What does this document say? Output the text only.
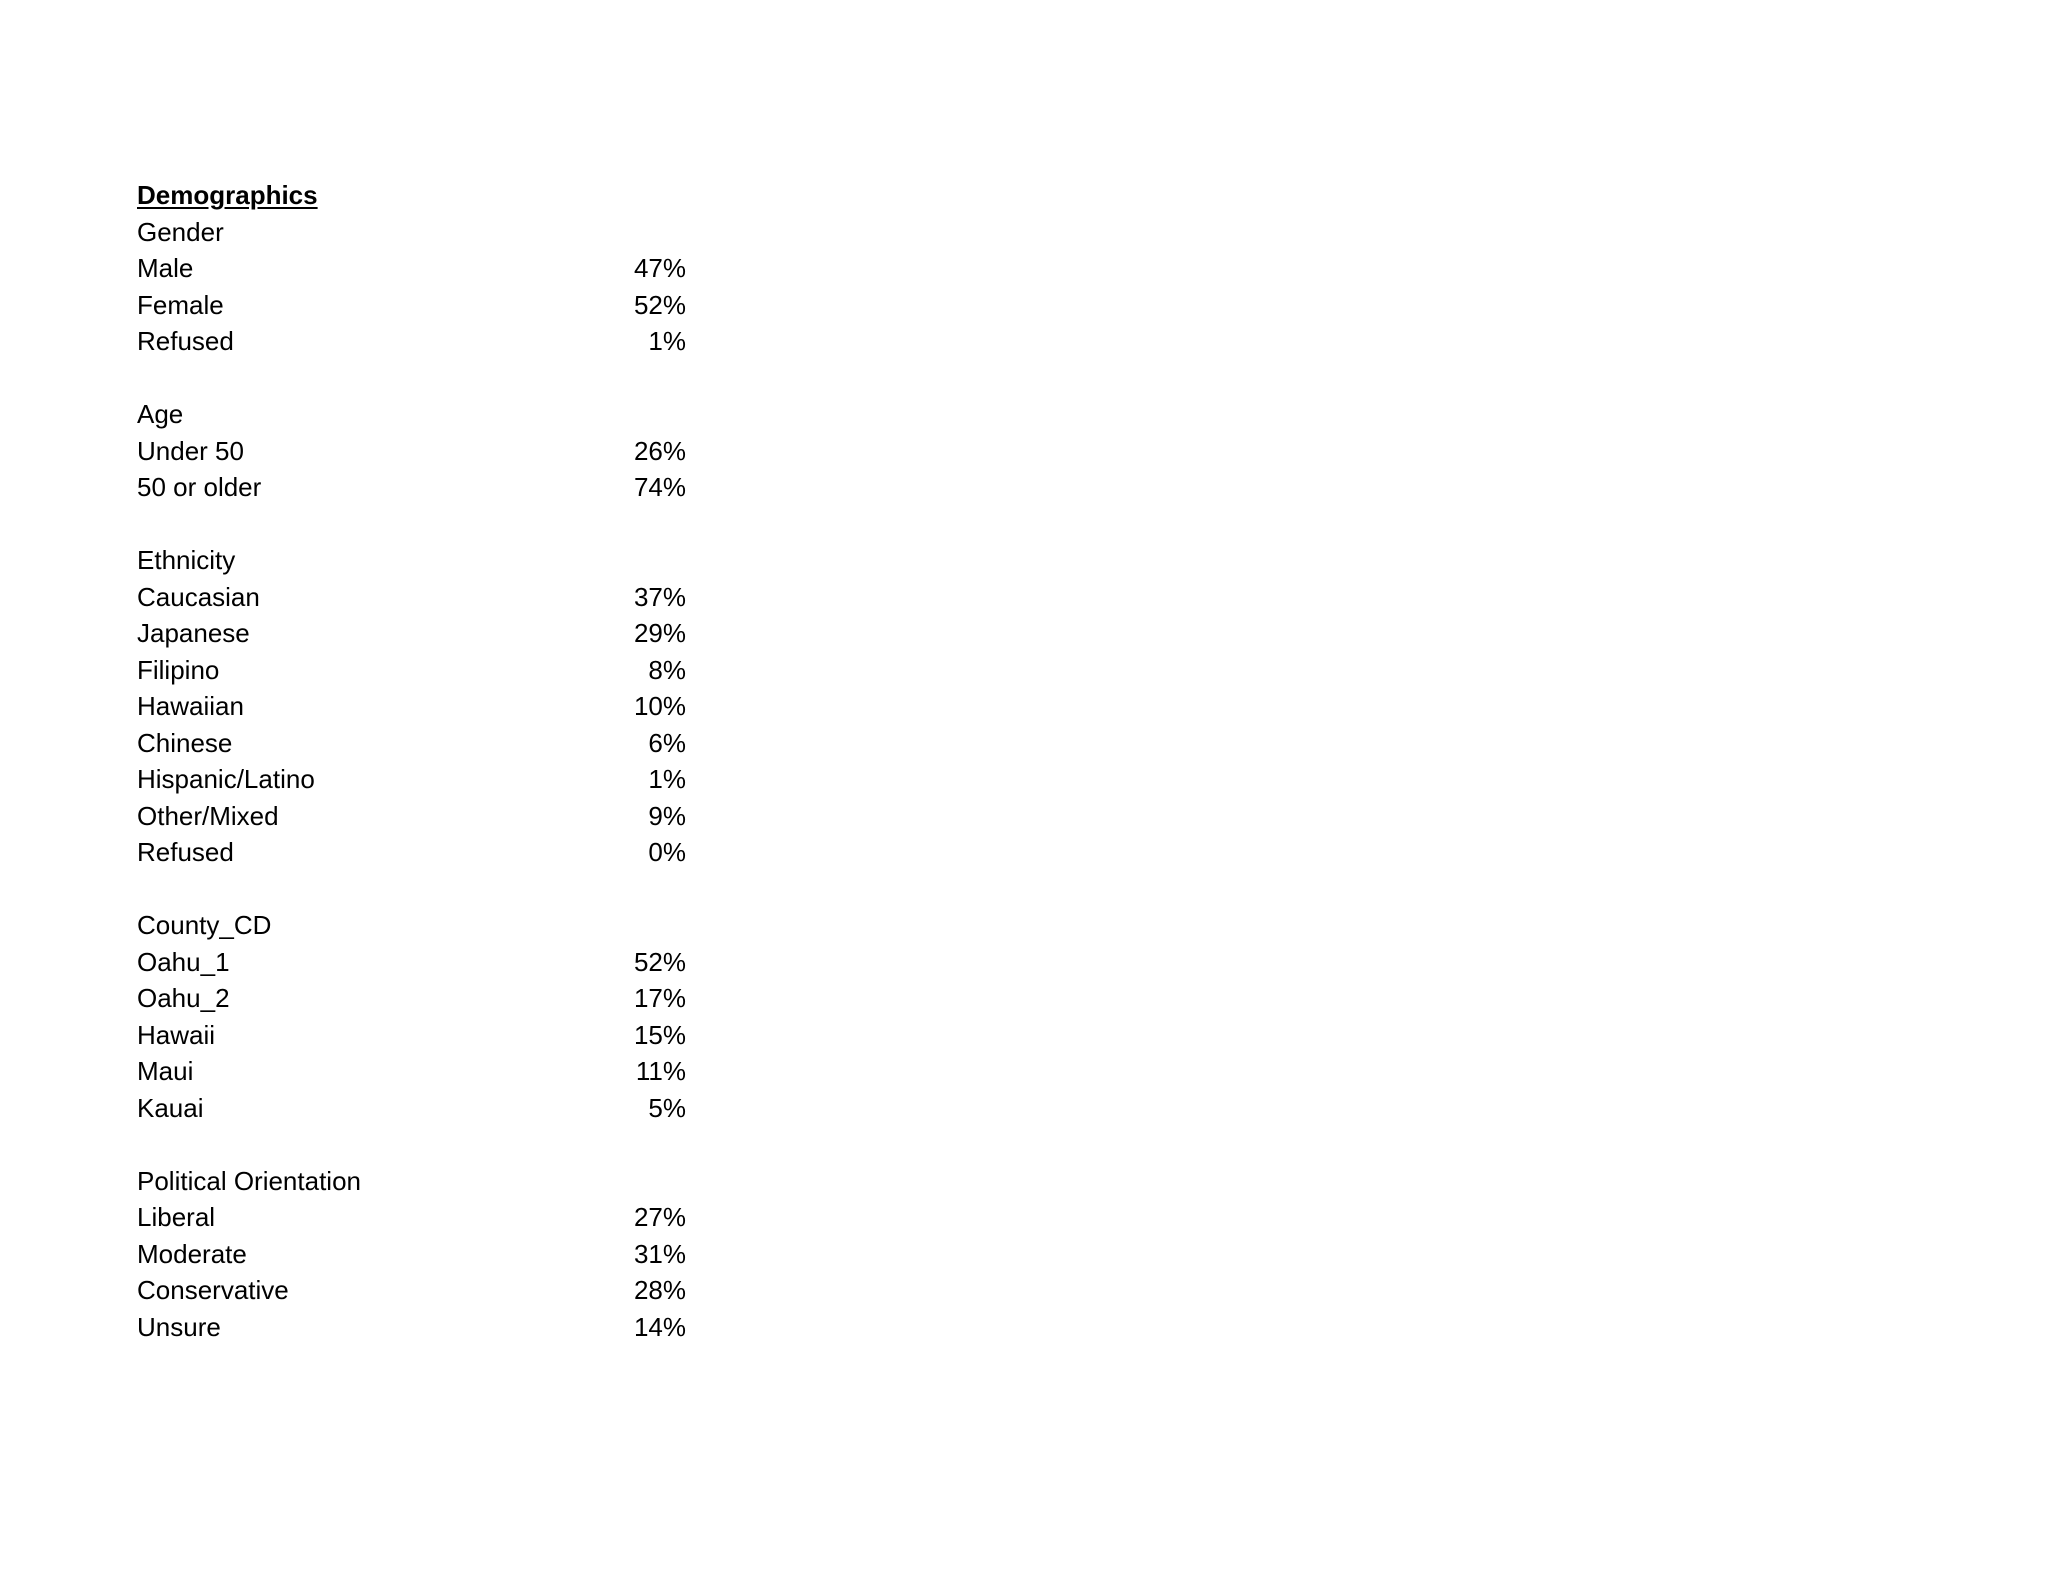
Demographics
Gender
Male	47%
Female	52%
Refused	1%
Age
Under 50	26%
50 or older	74%
Ethnicity
Caucasian	37%
Japanese	29%
Filipino	8%
Hawaiian	10%
Chinese	6%
Hispanic/Latino	1%
Other/Mixed	9%
Refused	0%
County_CD
Oahu_1	52%
Oahu_2	17%
Hawaii	15%
Maui	11%
Kauai	5%
Political Orientation
Liberal	27%
Moderate	31%
Conservative	28%
Unsure	14%
